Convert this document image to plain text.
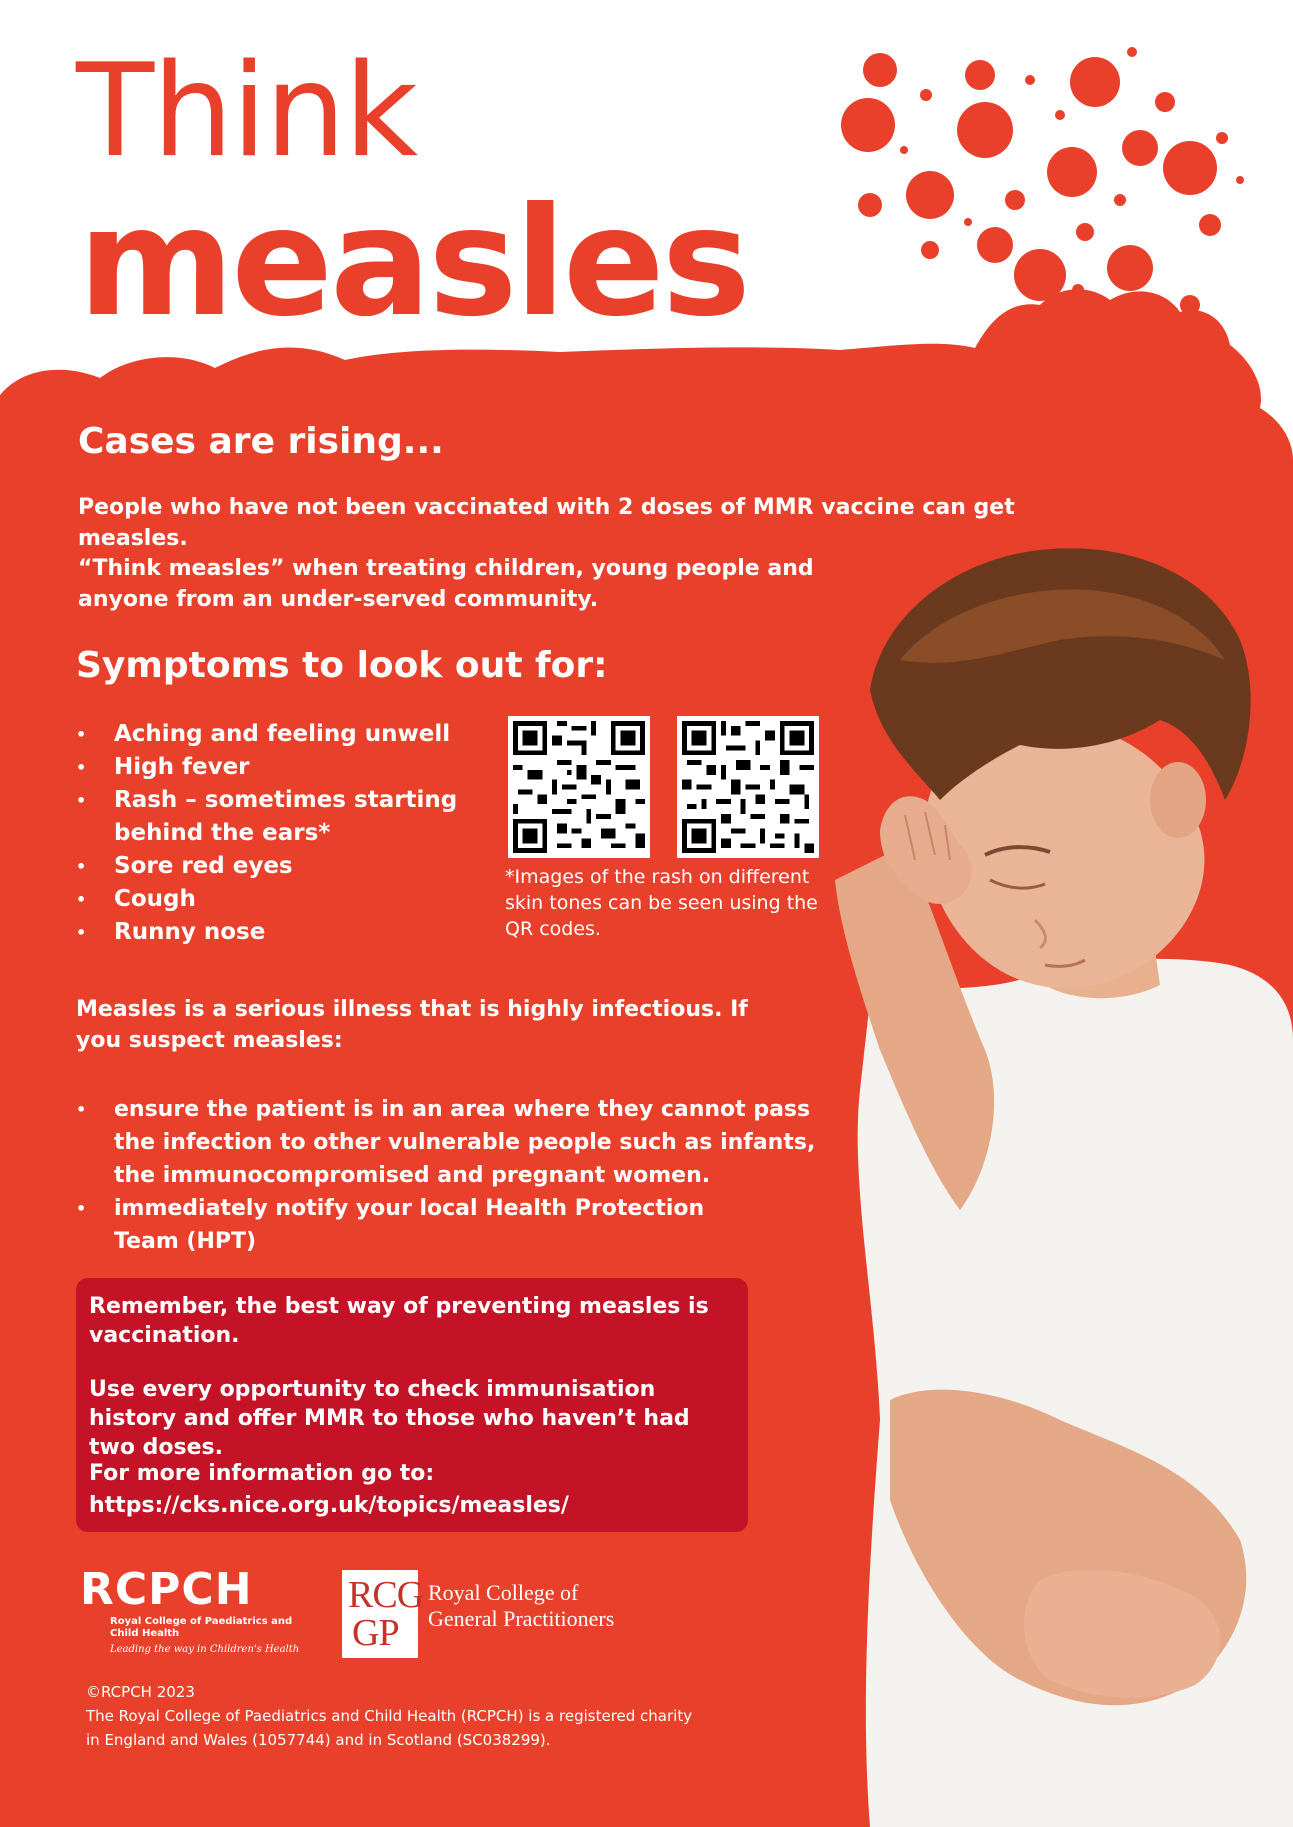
Think
measles
Cases are rising...

People who have not been vaccinated with 2 doses of MMR vaccine can get measles.

“Think measles” when treating children, young people and anyone from an under-served community.

Symptoms to look out for:
• Aching and feeling unwell
• High fever
• Rash – sometimes starting behind the ears*
• Sore red eyes
• Cough
• Runny nose

*Images of the rash on different skin tones can be seen using the QR codes.

Measles is a serious illness that is highly infectious. If you suspect measles:

• ensure the patient is in an area where they cannot pass the infection to other vulnerable people such as infants, the immunocompromised and pregnant women.
• immediately notify your local Health Protection Team (HPT)

Remember, the best way of preventing measles is vaccination.

Use every opportunity to check immunisation history and offer MMR to those who haven’t had two doses.

For more information go to:

https://cks.nice.org.uk/topics/measles/

RCPCH
Royal College of Paediatrics and Child Health
Leading the way in Children's Health
RCG
GP
Royal College of General Practitioners

©RCPCH 2023

The Royal College of Paediatrics and Child Health (RCPCH) is a registered charity in England and Wales (1057744) and in Scotland (SC038299).
